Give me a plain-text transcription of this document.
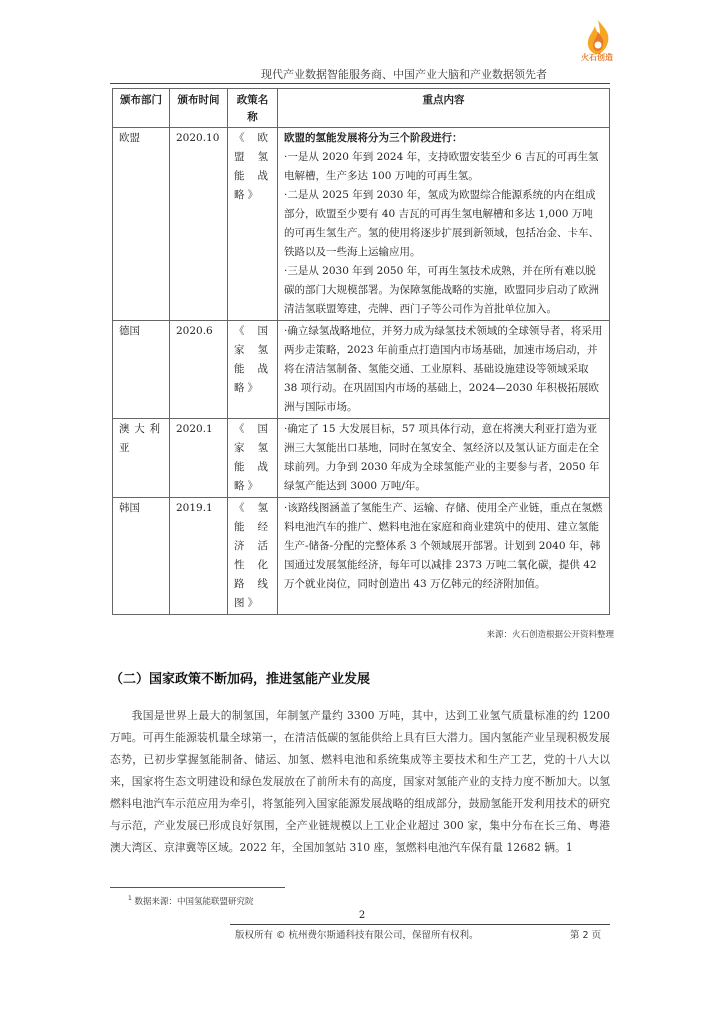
火石创造
现代产业数据智能服务商、中国产业大脑和产业数据领先者
颁布部门	颁布时间	政策名称	重点内容
欧盟	2020.10	《欧盟氢能战略》	欧盟的氢能发展将分为三个阶段进行：

·一是从 2020 年到 2024 年，支持欧盟安装至少 6 吉瓦的可再生氢电解槽，生产多达 100 万吨的可再生氢。

·二是从 2025 年到 2030 年，氢成为欧盟综合能源系统的内在组成部分，欧盟至少要有 40 吉瓦的可再生氢电解槽和多达 1,000 万吨的可再生氢生产。氢的使用将逐步扩展到新领域，包括冶金、卡车、铁路以及一些海上运输应用。

·三是从 2030 年到 2050 年，可再生氢技术成熟，并在所有难以脱碳的部门大规模部署。为保障氢能战略的实施，欧盟同步启动了欧洲清洁氢联盟筹建，壳牌、西门子等公司作为首批单位加入。

德国	2020.6	《国家氢能战略》	·确立绿氢战略地位，并努力成为绿氢技术领域的全球领导者，将采用两步走策略，2023 年前重点打造国内市场基础，加速市场启动，并将在清洁氢制备、氢能交通、工业原料、基础设施建设等领域采取 38 项行动。在巩固国内市场的基础上，2024—2030 年积极拓展欧洲与国际市场。

澳大利亚	2020.1	《国家氢能战略》	·确定了 15 大发展目标，57 项具体行动，意在将澳大利亚打造为亚洲三大氢能出口基地，同时在氢安全、氢经济以及氢认证方面走在全球前列。力争到 2030 年成为全球氢能产业的主要参与者，2050 年绿氢产能达到 3000 万吨/年。

韩国	2019.1	《氢能经济活性化路线图》	·该路线图涵盖了氢能生产、运输、存储、使用全产业链，重点在氢燃料电池汽车的推广、燃料电池在家庭和商业建筑中的使用、建立氢能生产-储备-分配的完整体系 3 个领域展开部署。计划到 2040 年，韩国通过发展氢能经济，每年可以减排 2373 万吨二氧化碳，提供 42 万个就业岗位，同时创造出 43 万亿韩元的经济附加值。

来源：火石创造根据公开资料整理
（二）国家政策不断加码，推进氢能产业发展

我国是世界上最大的制氢国，年制氢产量约 3300 万吨，其中，达到工业氢气质量标准的约 1200 万吨。可再生能源装机量全球第一，在清洁低碳的氢能供给上具有巨大潜力。国内氢能产业呈现积极发展态势，已初步掌握氢能制备、储运、加氢、燃料电池和系统集成等主要技术和生产工艺，党的十八大以来，国家将生态文明建设和绿色发展放在了前所未有的高度，国家对氢能产业的支持力度不断加大。以氢燃料电池汽车示范应用为牵引，将氢能列入国家能源发展战略的组成部分，鼓励氢能开发利用技术的研究与示范，产业发展已形成良好氛围，全产业链规模以上工业企业超过 300 家，集中分布在长三角、粤港澳大湾区、京津冀等区域。2022 年，全国加氢站 310 座，氢燃料电池汽车保有量 12682 辆。1

$^1$ 数据来源：中国氢能联盟研究院
2
版权所有 © 杭州费尔斯通科技有限公司，保留所有权利。	第 2 页
